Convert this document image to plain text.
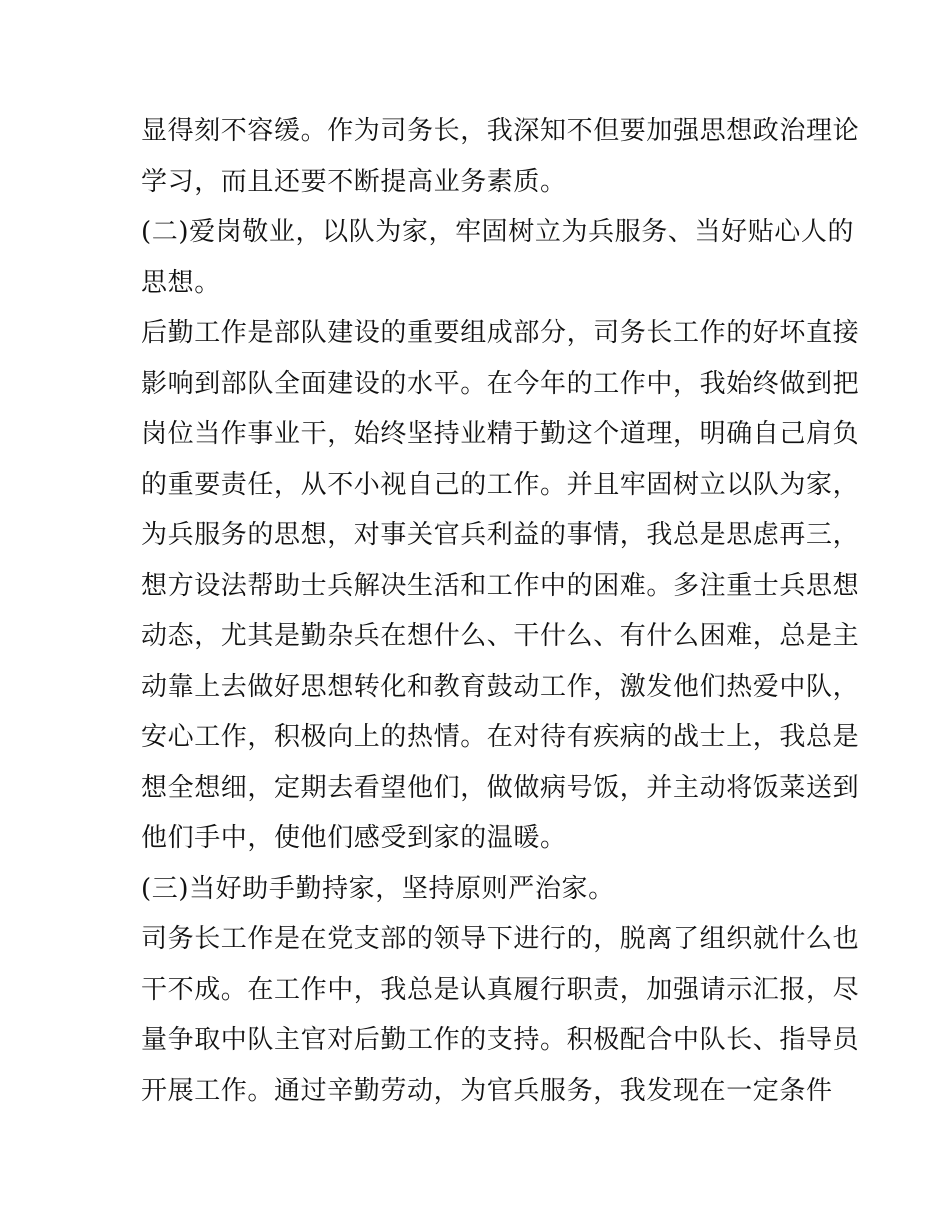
显得刻不容缓。作为司务长，我深知不但要加强思想政治理论
学习，而且还要不断提高业务素质。
(二)爱岗敬业，以队为家，牢固树立为兵服务、当好贴心人的
思想。
后勤工作是部队建设的重要组成部分，司务长工作的好坏直接
影响到部队全面建设的水平。在今年的工作中，我始终做到把
岗位当作事业干，始终坚持业精于勤这个道理，明确自己肩负
的重要责任，从不小视自己的工作。并且牢固树立以队为家，
为兵服务的思想，对事关官兵利益的事情，我总是思虑再三，
想方设法帮助士兵解决生活和工作中的困难。多注重士兵思想
动态，尤其是勤杂兵在想什么、干什么、有什么困难，总是主
动靠上去做好思想转化和教育鼓动工作，激发他们热爱中队，
安心工作，积极向上的热情。在对待有疾病的战士上，我总是
想全想细，定期去看望他们，做做病号饭，并主动将饭菜送到
他们手中，使他们感受到家的温暖。
(三)当好助手勤持家，坚持原则严治家。
司务长工作是在党支部的领导下进行的，脱离了组织就什么也
干不成。在工作中，我总是认真履行职责，加强请示汇报，尽
量争取中队主官对后勤工作的支持。积极配合中队长、指导员
开展工作。通过辛勤劳动，为官兵服务，我发现在一定条件
